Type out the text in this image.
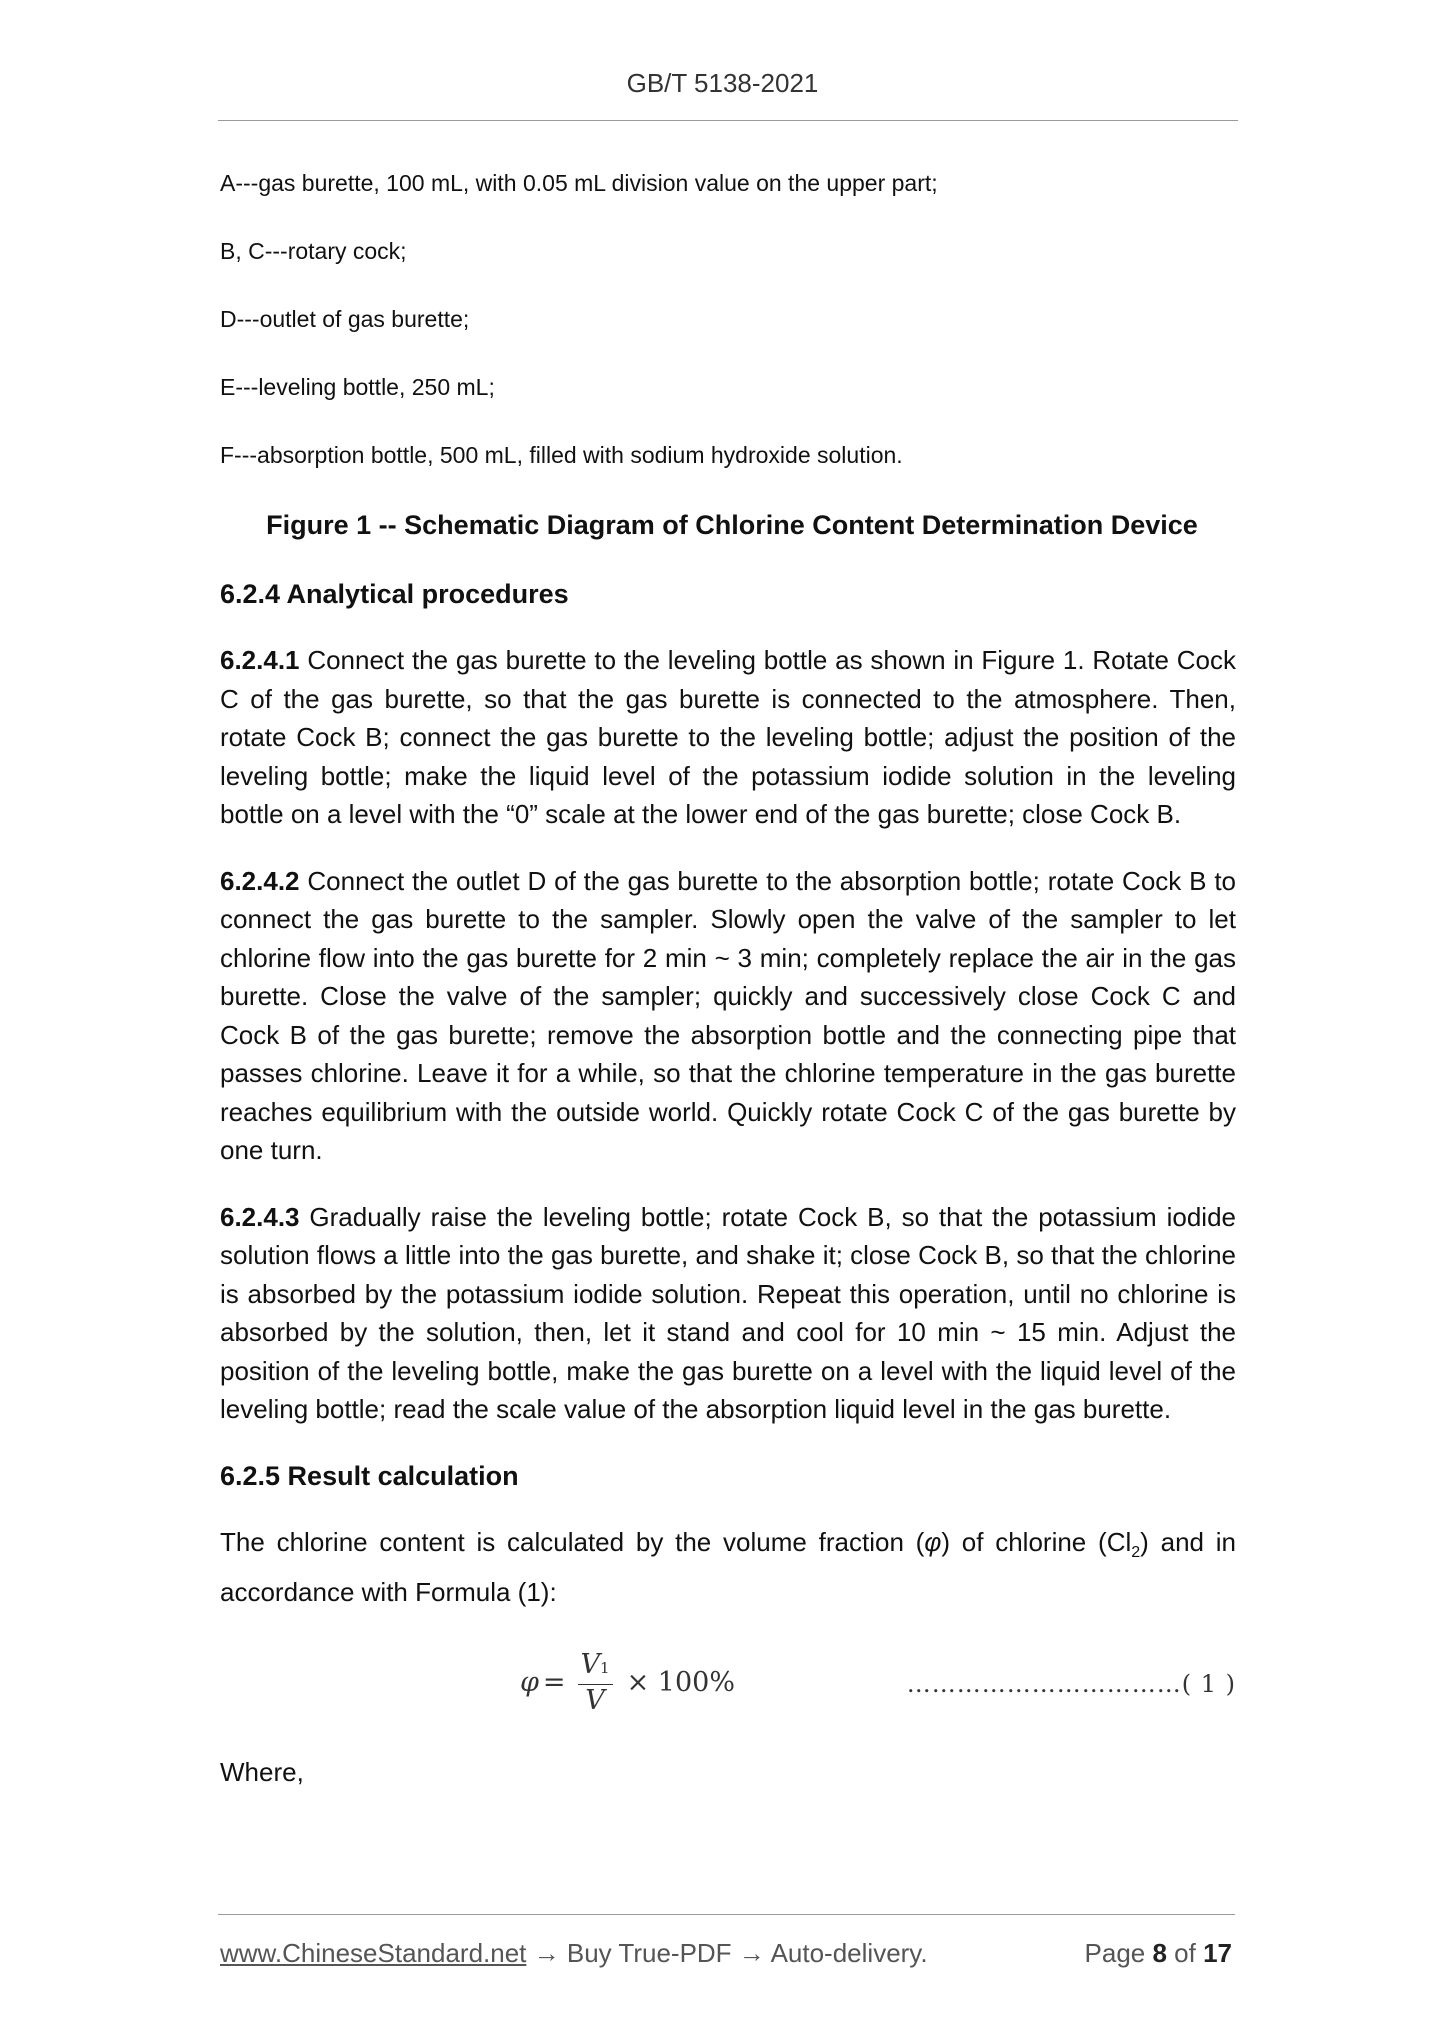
GB/T 5138-2021
A---gas burette, 100 mL, with 0.05 mL division value on the upper part;
B, C---rotary cock;
D---outlet of gas burette;
E---leveling bottle, 250 mL;
F---absorption bottle, 500 mL, filled with sodium hydroxide solution.
Figure 1 -- Schematic Diagram of Chlorine Content Determination Device
6.2.4 Analytical procedures

6.2.4.1 Connect the gas burette to the leveling bottle as shown in Figure 1. Rotate Cock C of the gas burette, so that the gas burette is connected to the atmosphere. Then, rotate Cock B; connect the gas burette to the leveling bottle; adjust the position of the leveling bottle; make the liquid level of the potassium iodide solution in the leveling bottle on a level with the “0” scale at the lower end of the gas burette; close Cock B.

6.2.4.2 Connect the outlet D of the gas burette to the absorption bottle; rotate Cock B to connect the gas burette to the sampler. Slowly open the valve of the sampler to let chlorine flow into the gas burette for 2 min ~ 3 min; completely replace the air in the gas burette. Close the valve of the sampler; quickly and successively close Cock C and Cock B of the gas burette; remove the absorption bottle and the connecting pipe that passes chlorine. Leave it for a while, so that the chlorine temperature in the gas burette reaches equilibrium with the outside world. Quickly rotate Cock C of the gas burette by one turn.

6.2.4.3 Gradually raise the leveling bottle; rotate Cock B, so that the potassium iodide solution flows a little into the gas burette, and shake it; close Cock B, so that the chlorine is absorbed by the potassium iodide solution. Repeat this operation, until no chlorine is absorbed by the solution, then, let it stand and cool for 10 min ~ 15 min. Adjust the position of the leveling bottle, make the gas burette on a level with the liquid level of the leveling bottle; read the scale value of the absorption liquid level in the gas burette.

6.2.5 Result calculation

The chlorine content is calculated by the volume fraction (φ) of chlorine $(Cl_2)$ and in accordance with Formula (1):

$\varphi = \frac{V1}{V} \times 100\%$	……………………………( 1 )
Where,
www.ChineseStandard.net → Buy True-PDF → Auto-delivery.	Page 8 of 17
